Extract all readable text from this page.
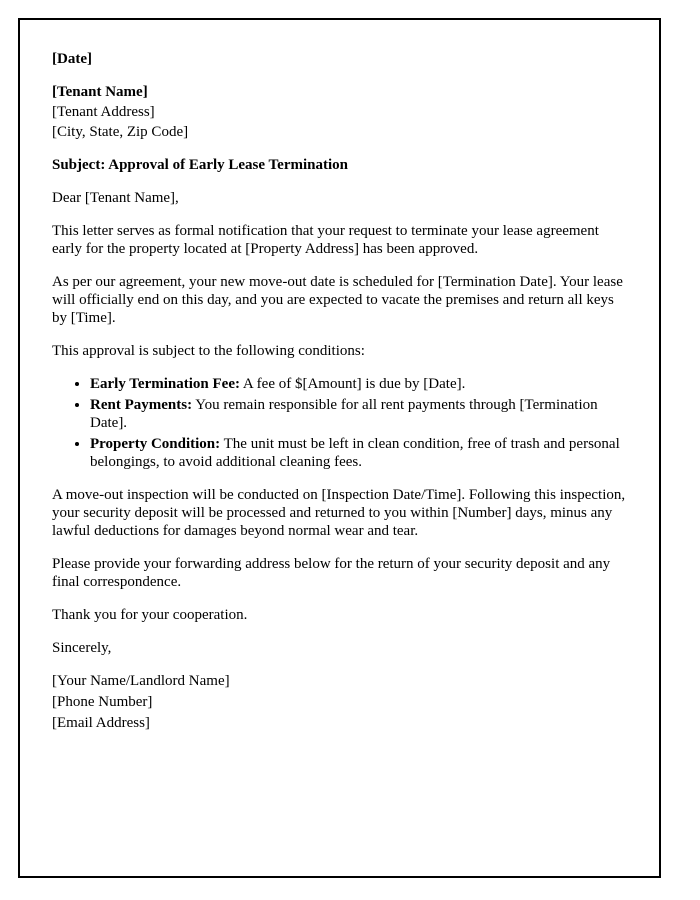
[Date]

[Tenant Name]

[Tenant Address]

[City, State, Zip Code]

Subject: Approval of Early Lease Termination

Dear [Tenant Name],

This letter serves as formal notification that your request to terminate your lease agreement early for the property located at [Property Address] has been approved.

As per our agreement, your new move-out date is scheduled for [Termination Date]. Your lease will officially end on this day, and you are expected to vacate the premises and return all keys by [Time].

This approval is subject to the following conditions:

• Early Termination Fee: A fee of $[Amount] is due by [Date].
• Rent Payments: You remain responsible for all rent payments through [Termination Date].
• Property Condition: The unit must be left in clean condition, free of trash and personal belongings, to avoid additional cleaning fees.

A move-out inspection will be conducted on [Inspection Date/Time]. Following this inspection, your security deposit will be processed and returned to you within [Number] days, minus any lawful deductions for damages beyond normal wear and tear.

Please provide your forwarding address below for the return of your security deposit and any final correspondence.

Thank you for your cooperation.

Sincerely,

[Your Name/Landlord Name]

[Phone Number]

[Email Address]
